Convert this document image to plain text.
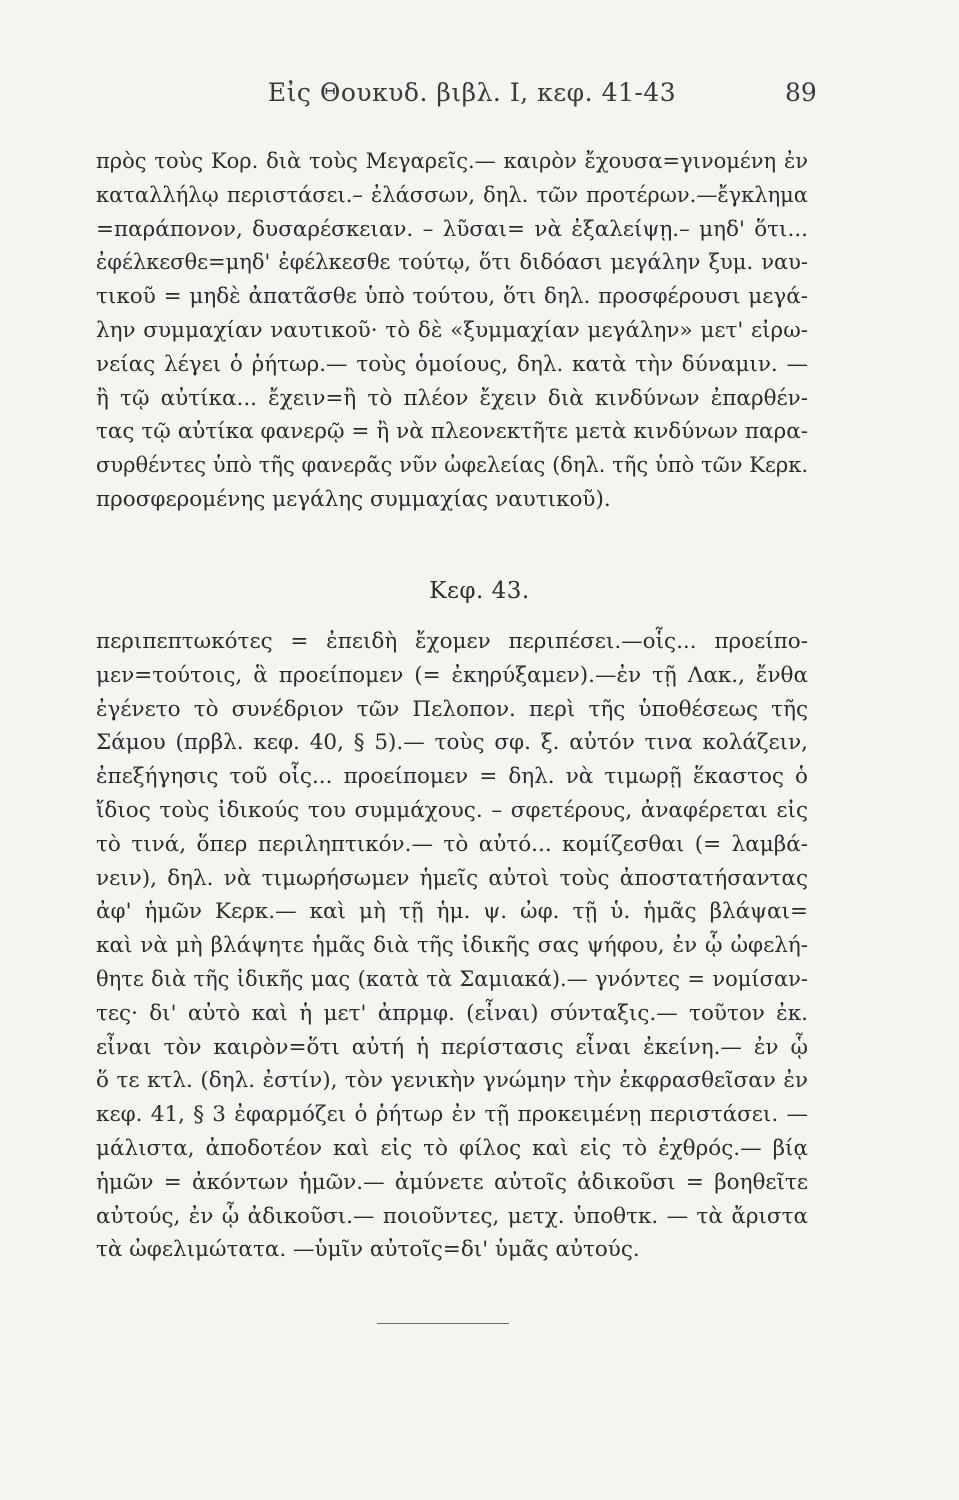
Εἰς Θουκυδ. βιβλ. Ι, κεφ. 41-43	89
πρὸς τοὺς Κορ. διὰ τοὺς Μεγαρεῖς.— καιρὸν ἔχουσα=γινομένη ἐν
καταλλήλῳ περιστάσει.– ἐλάσσων, δηλ. τῶν προτέρων.—ἔγκλημα
=παράπονον, δυσαρέσκειαν. – λῦσαι= νὰ ἐξαλείψῃ.– μηδ' ὅτι...
ἐφέλκεσθε=μηδ' ἐφέλκεσθε τούτῳ, ὅτι διδόασι μεγάλην ξυμ. ναυ-
τικοῦ = μηδὲ ἀπατᾶσθε ὑπὸ τούτου, ὅτι δηλ. προσφέρουσι μεγά-
λην συμμαχίαν ναυτικοῦ· τὸ δὲ «ξυμμαχίαν μεγάλην» μετ' εἰρω-
νείας λέγει ὁ ῥήτωρ.— τοὺς ὁμοίους, δηλ. κατὰ τὴν δύναμιν. —
ἢ τῷ αὐτίκα... ἔχειν=ἢ τὸ πλέον ἔχειν διὰ κινδύνων ἐπαρθέν-
τας τῷ αὐτίκα φανερῷ = ἢ νὰ πλεονεκτῆτε μετὰ κινδύνων παρα-
συρθέντες ὑπὸ τῆς φανερᾶς νῦν ὠφελείας (δηλ. τῆς ὑπὸ τῶν Κερκ.
προσφερομένης μεγάλης συμμαχίας ναυτικοῦ).
Κεφ. 43.
περιπεπτωκότες = ἐπειδὴ ἔχομεν περιπέσει.—οἷς... προείπο-
μεν=τούτοις, ἃ προείπομεν (= ἐκηρύξαμεν).—ἐν τῇ Λακ., ἔνθα
ἐγένετο τὸ συνέδριον τῶν Πελοπον. περὶ τῆς ὑποθέσεως τῆς
Σάμου (πρβλ. κεφ. 40, § 5).— τοὺς σφ. ξ. αὐτόν τινα κολάζειν,
ἐπεξήγησις τοῦ οἷς... προείπομεν = δηλ. νὰ τιμωρῇ ἕκαστος ὁ
ἴδιος τοὺς ἰδικούς του συμμάχους. – σφετέρους, ἀναφέρεται εἰς
τὸ τινά, ὅπερ περιληπτικόν.— τὸ αὐτό... κομίζεσθαι (= λαμβά-
νειν), δηλ. νὰ τιμωρήσωμεν ἡμεῖς αὐτοὶ τοὺς ἀποστατήσαντας
ἀφ' ἡμῶν Κερκ.— καὶ μὴ τῇ ἡμ. ψ. ὠφ. τῇ ὑ. ἡμᾶς βλάψαι=
καὶ νὰ μὴ βλάψητε ἡμᾶς διὰ τῆς ἰδικῆς σας ψήφου, ἐν ᾧ ὠφελή-
θητε διὰ τῆς ἰδικῆς μας (κατὰ τὰ Σαμιακά).— γνόντες = νομίσαν-
τες· δι' αὐτὸ καὶ ἡ μετ' ἀπρμφ. (εἶναι) σύνταξις.— τοῦτον ἐκ.
εἶναι τὸν καιρὸν=ὅτι αὐτή ἡ περίστασις εἶναι ἐκείνη.— ἐν ᾧ
ὅ τε κτλ. (δηλ. ἐστίν), τὸν γενικὴν γνώμην τὴν ἐκφρασθεῖσαν ἐν
κεφ. 41, § 3 ἐφαρμόζει ὁ ῥήτωρ ἐν τῇ προκειμένῃ περιστάσει. —
μάλιστα, ἀποδοτέον καὶ εἰς τὸ φίλος καὶ εἰς τὸ ἐχθρός.— βίᾳ
ἡμῶν = ἀκόντων ἡμῶν.— ἀμύνετε αὐτοῖς ἀδικοῦσι = βοηθεῖτε
αὐτούς, ἐν ᾧ ἀδικοῦσι.— ποιοῦντες, μετχ. ὑποθτκ. — τὰ ἄριστα
τὰ ὠφελιμώτατα. —ὑμῖν αὐτοῖς=δι' ὑμᾶς αὐτούς.
